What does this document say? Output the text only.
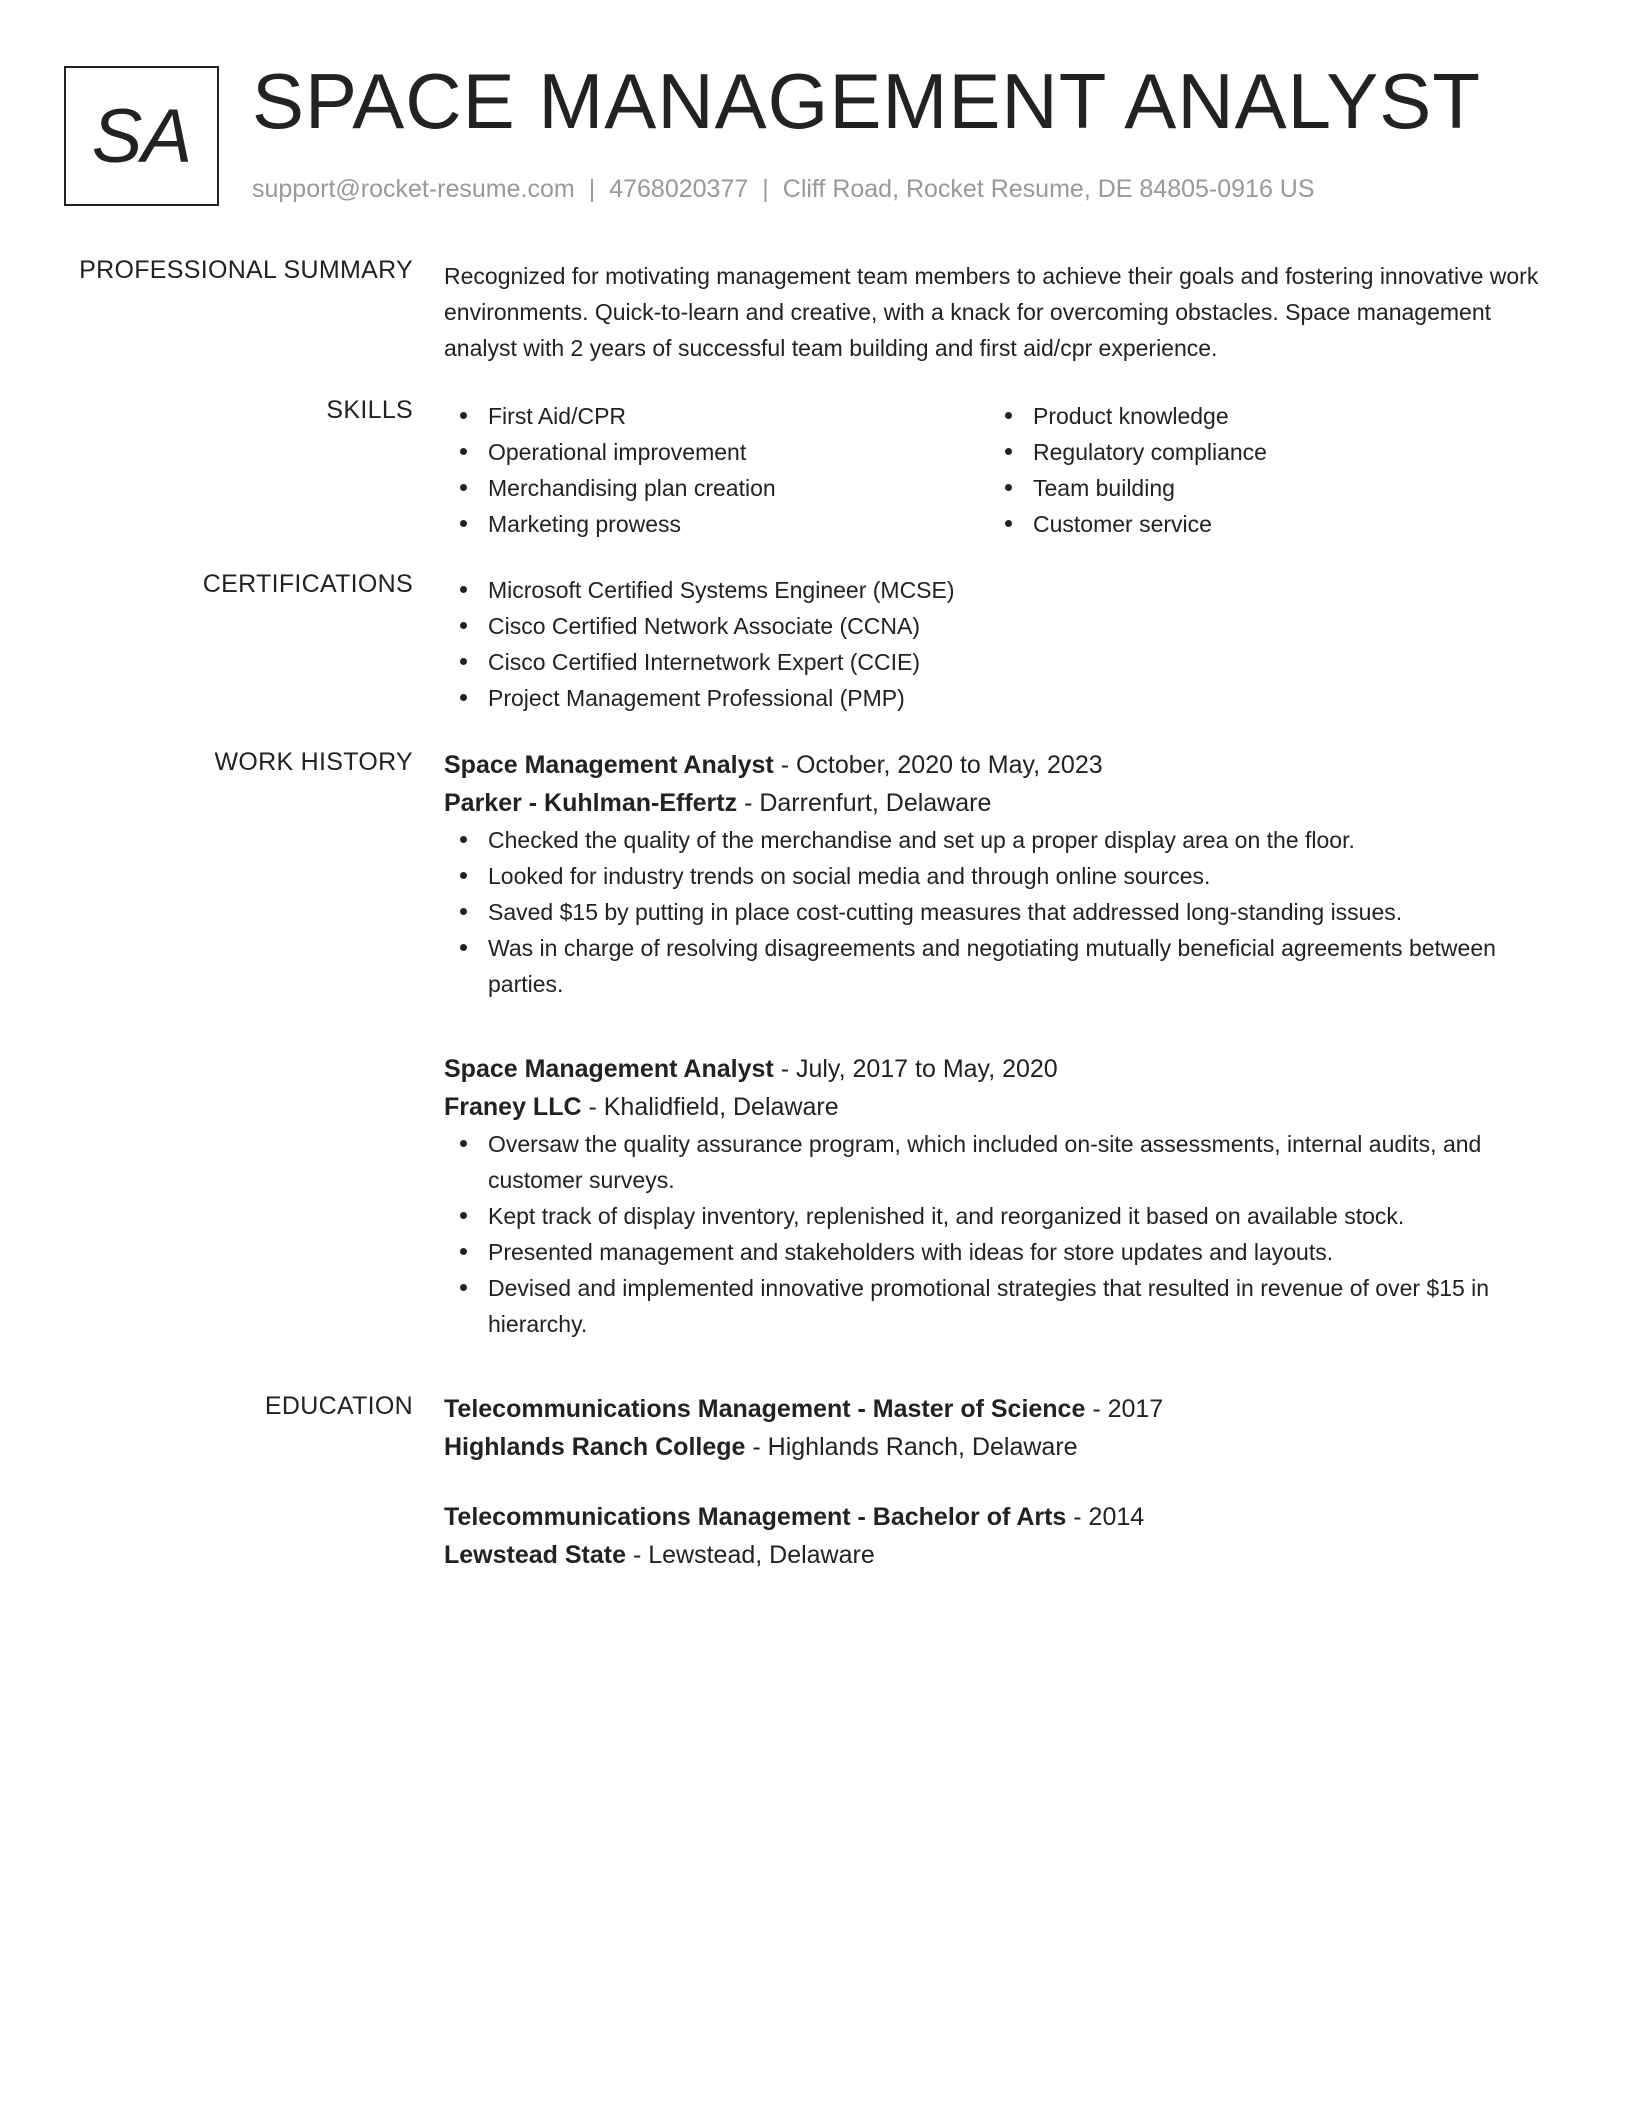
SA SPACE MANAGEMENT ANALYST
support@rocket-resume.com | 4768020377 | Cliff Road, Rocket Resume, DE 84805-0916 US
PROFESSIONAL SUMMARY Recognized for motivating management team members to achieve their goals and fostering innovative work environments. Quick-to-learn and creative, with a knack for overcoming obstacles. Space management analyst with 2 years of successful team building and first aid/cpr experience.

SKILLS	First Aid/CPR
Operational improvement
Merchandising plan creation
Marketing prowess
Product knowledge
Regulatory compliance
Team building
Customer service
CERTIFICATIONS	Microsoft Certified Systems Engineer (MCSE)
Cisco Certified Network Associate (CCNA)
Cisco Certified Internetwork Expert (CCIE)
Project Management Professional (PMP)
WORK HISTORY Space Management Analyst - October, 2020 to May, 2023
Parker - Kuhlman-Effertz - Darrenfurt, Delaware
Checked the quality of the merchandise and set up a proper display area on the floor.
Looked for industry trends on social media and through online sources.
Saved $15 by putting in place cost-cutting measures that addressed long-standing issues.
Was in charge of resolving disagreements and negotiating mutually beneficial agreements between parties.
Space Management Analyst - July, 2017 to May, 2020
Franey LLC - Khalidfield, Delaware
Oversaw the quality assurance program, which included on-site assessments, internal audits, and customer surveys.
Kept track of display inventory, replenished it, and reorganized it based on available stock.
Presented management and stakeholders with ideas for store updates and layouts.
Devised and implemented innovative promotional strategies that resulted in revenue of over $15 in hierarchy.
EDUCATION Telecommunications Management - Master of Science - 2017
Highlands Ranch College - Highlands Ranch, Delaware
Telecommunications Management - Bachelor of Arts - 2014
Lewstead State - Lewstead, Delaware
